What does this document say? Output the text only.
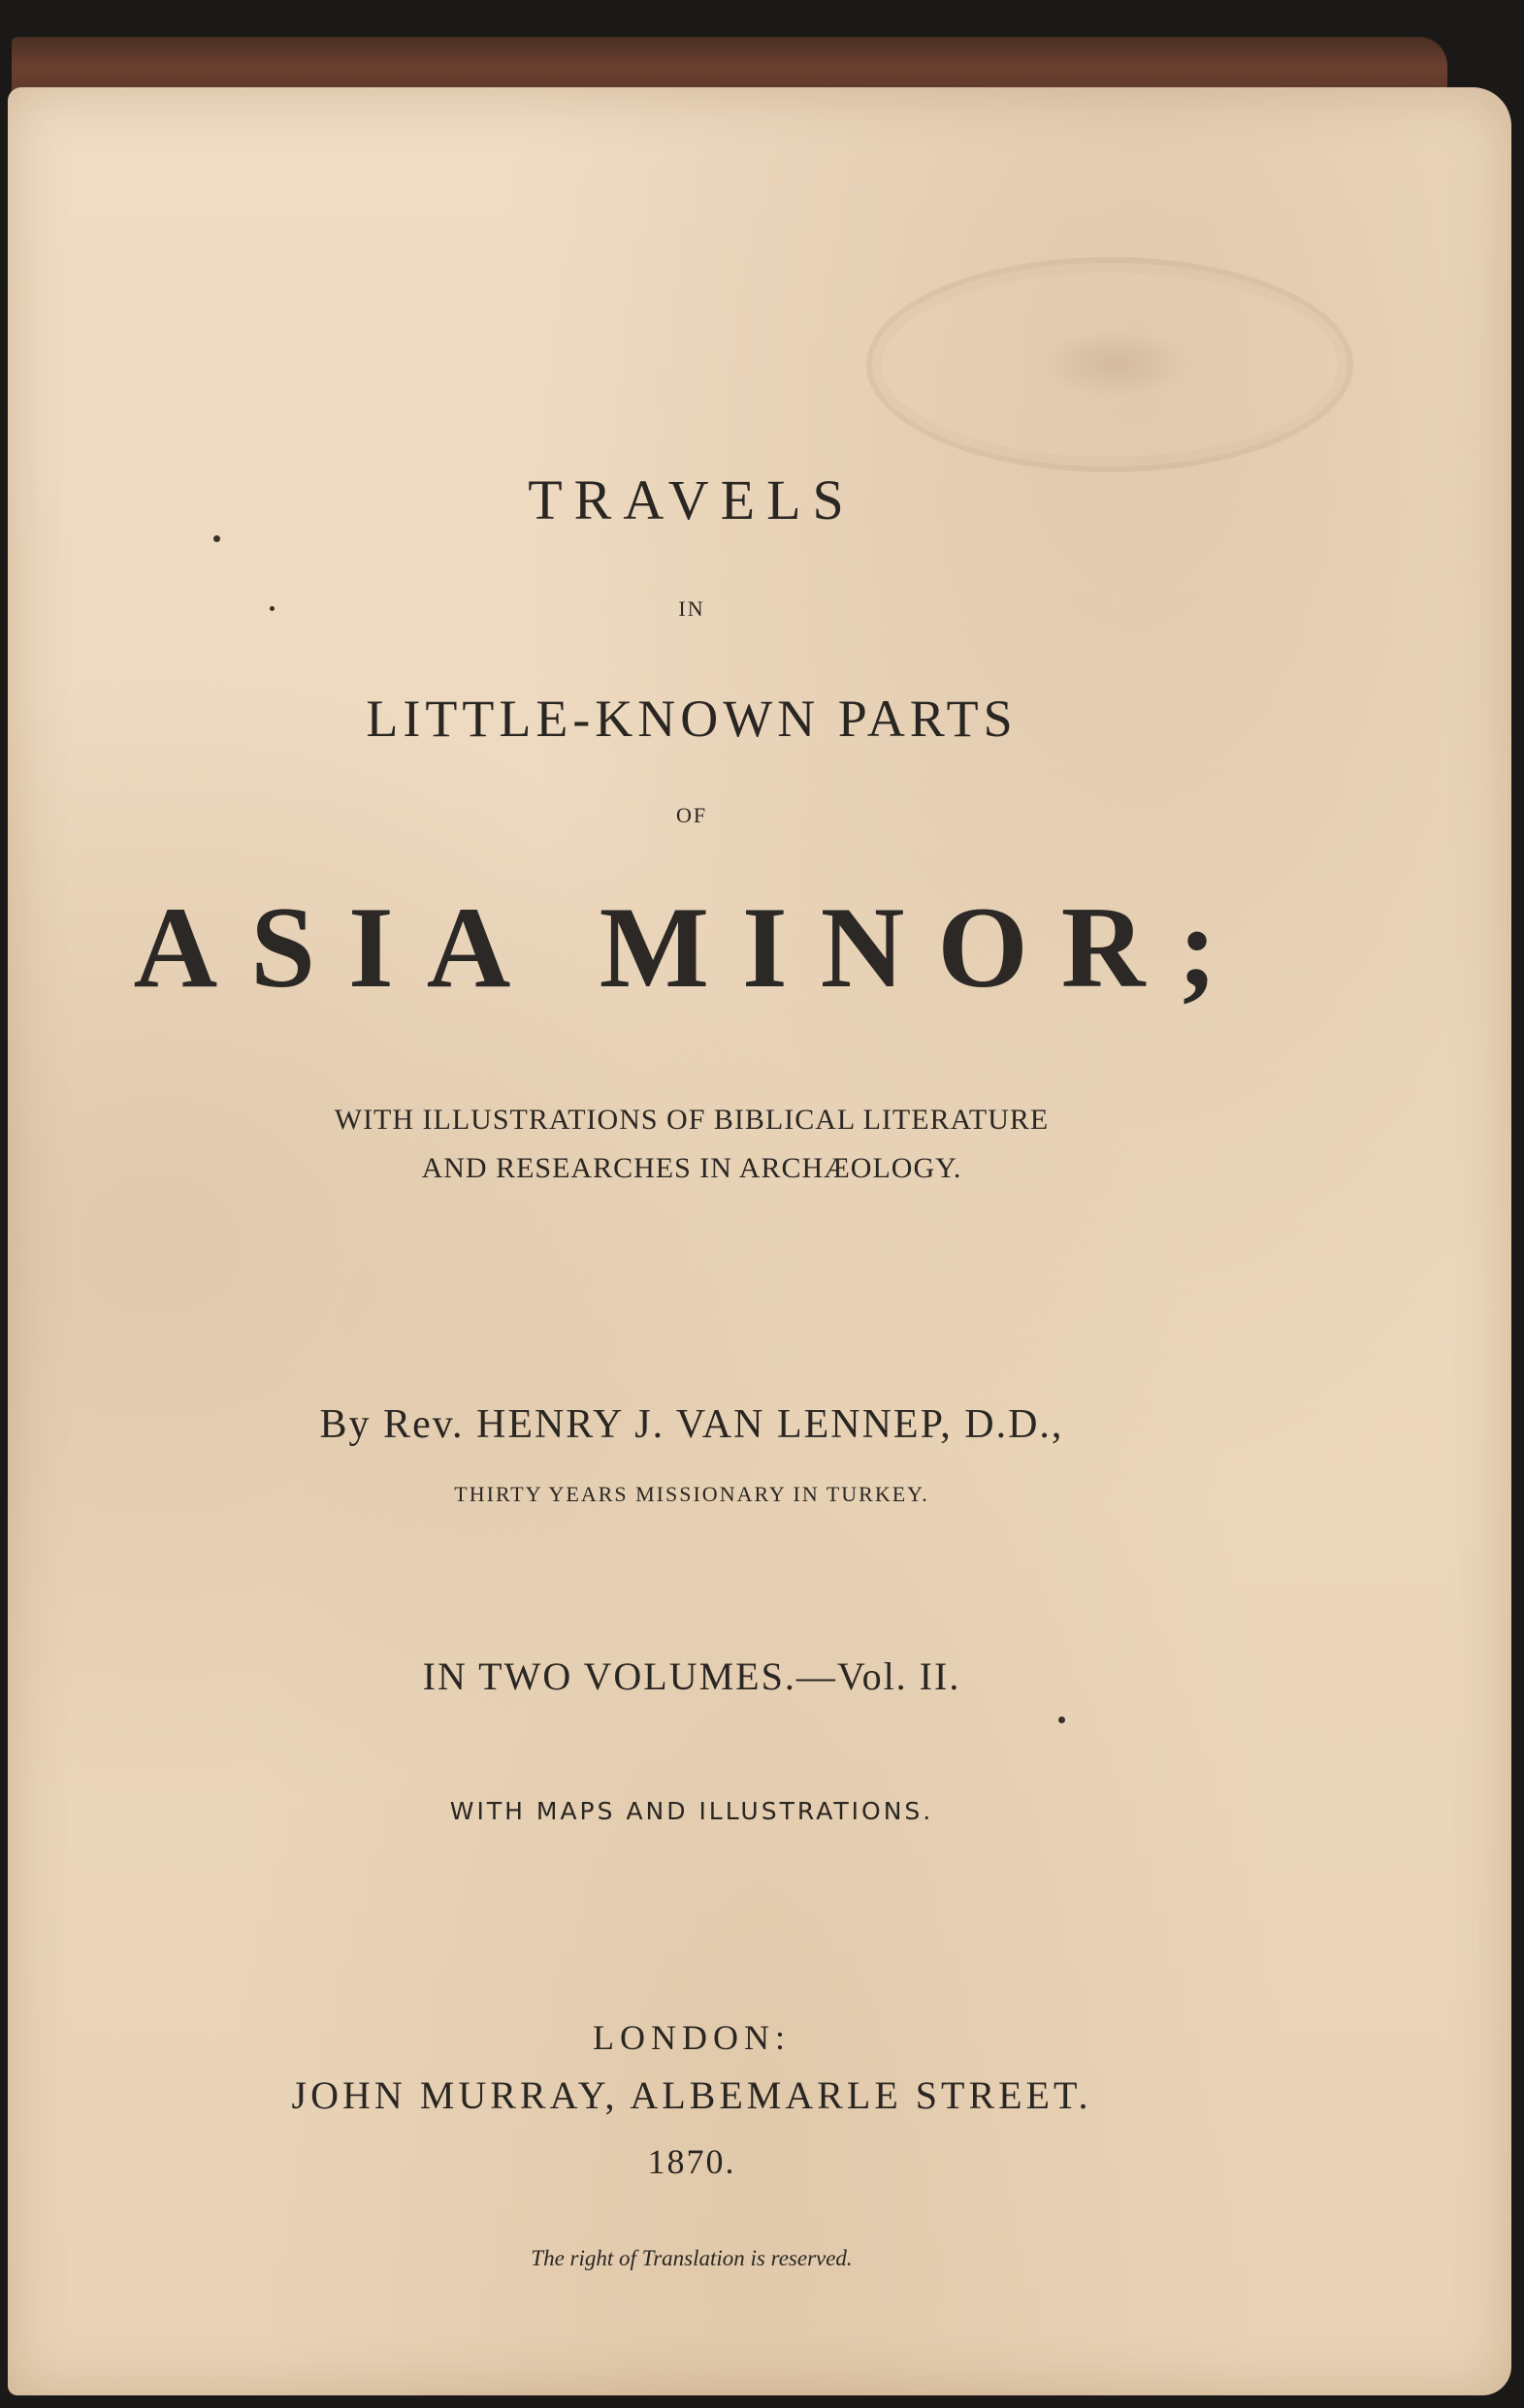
TRAVELS
IN
LITTLE-KNOWN PARTS
OF
ASIA MINOR;
WITH ILLUSTRATIONS OF BIBLICAL LITERATURE
AND RESEARCHES IN ARCHÆOLOGY.
By Rev. HENRY J. VAN LENNEP, D.D.,
THIRTY YEARS MISSIONARY IN TURKEY.
IN TWO VOLUMES.—Vol. II.
WITH MAPS AND ILLUSTRATIONS.
LONDON:
JOHN MURRAY, ALBEMARLE STREET.
1870.
The right of Translation is reserved.
